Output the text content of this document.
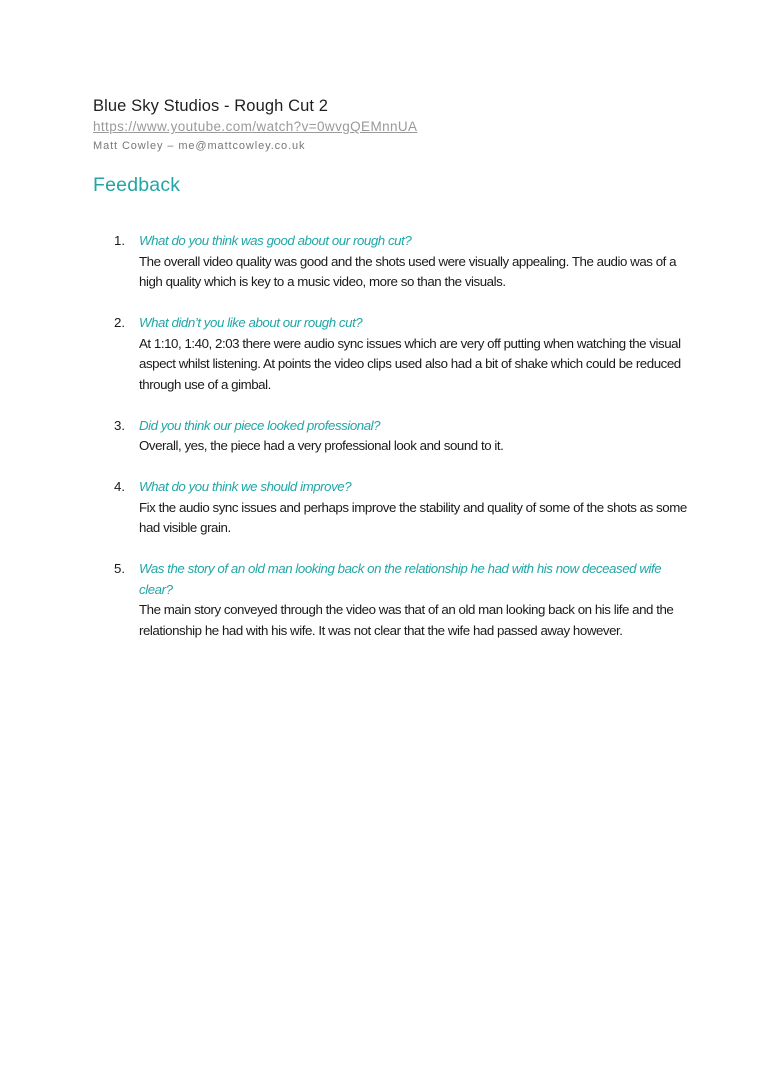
Blue Sky Studios - Rough Cut 2
https://www.youtube.com/watch?v=0wvgQEMnnUA
Matt Cowley – me@mattcowley.co.uk
Feedback
1. What do you think was good about our rough cut?
The overall video quality was good and the shots used were visually appealing. The audio was of a high quality which is key to a music video, more so than the visuals.
2. What didn’t you like about our rough cut?
At 1:10, 1:40, 2:03 there were audio sync issues which are very off putting when watching the visual aspect whilst listening. At points the video clips used also had a bit of shake which could be reduced through use of a gimbal.
3. Did you think our piece looked professional?
Overall, yes, the piece had a very professional look and sound to it.
4. What do you think we should improve?
Fix the audio sync issues and perhaps improve the stability and quality of some of the shots as some had visible grain.
5. Was the story of an old man looking back on the relationship he had with his now deceased wife clear?
The main story conveyed through the video was that of an old man looking back on his life and the relationship he had with his wife. It was not clear that the wife had passed away however.
